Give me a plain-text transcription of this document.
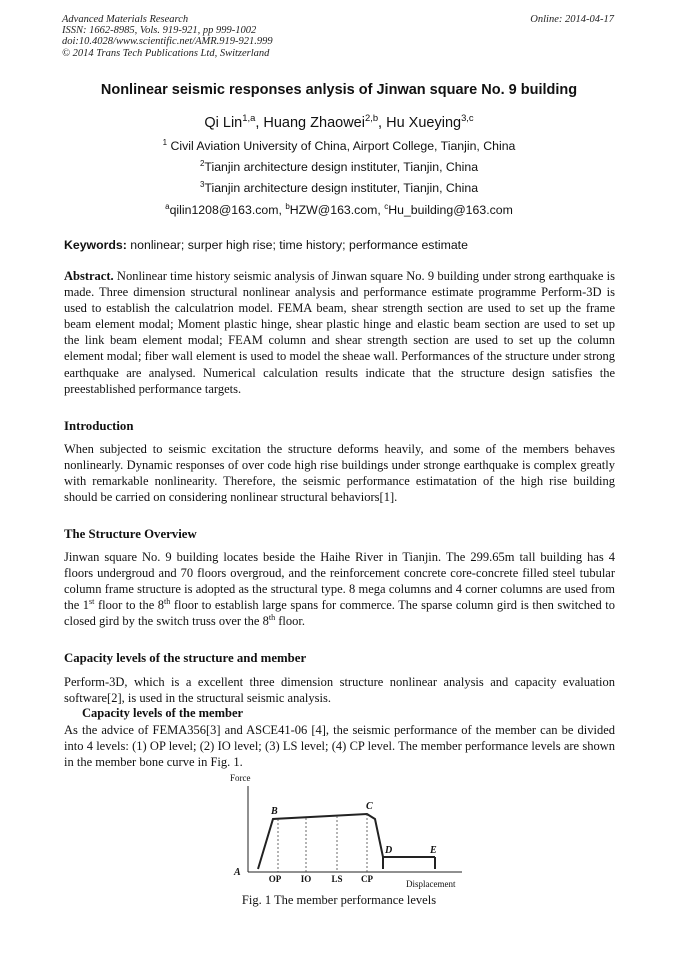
Advanced Materials Research
ISSN: 1662-8985, Vols. 919-921, pp 999-1002
doi:10.4028/www.scientific.net/AMR.919-921.999
© 2014 Trans Tech Publications Ltd, Switzerland
Online: 2014-04-17
Nonlinear seismic responses anlysis of Jinwan square No. 9 building
Qi Lin$^{1,a}$, Huang Zhaowei$^{2,b}$, Hu Xueying$^{3,c}$
$^1$ Civil Aviation University of China, Airport College, Tianjin, China
$^2$Tianjin architecture design instituter, Tianjin, China
$^3$Tianjin architecture design instituter, Tianjin, China
$^a$qilin1208@163.com, $^b$HZW@163.com, $^c$Hu_building@163.com
Keywords: nonlinear; surper high rise; time history; performance estimate
Abstract. Nonlinear time history seismic analysis of Jinwan square No. 9 building under strong earthquake is made. Three dimension structural nonlinear analysis and performance estimate programme Perform-3D is used to establish the calculatrion model. FEMA beam, shear strength section are used to set up the frame beam element modal; Moment plastic hinge, shear plastic hinge and elastic beam section are used to set up the link beam element modal; FEAM column and shear strength section are used to set up the column element modal; fiber wall element is used to model the sheae wall. Performances of the structure under strong earthquake are analysed. Numerical calculation results indicate that the structure design satisfies the preestablished performance targets.
Introduction
When subjected to seismic excitation the structure deforms heavily, and some of the members behaves nonlinearly. Dynamic responses of over code high rise buildings under stronge earthquake is complex greatly with remarkable nonlinearity. Therefore, the seismic performance estimatation of the high rise building should be carried on considering nonlinear structural behaviors[1].
The Structure Overview
Jinwan square No. 9 building locates beside the Haihe River in Tianjin. The 299.65m tall building has 4 floors undergroud and 70 floors overgroud, and the reinforcement concrete core-concrete filled steel tubular column frame structure is adopted as the structural type. 8 mega columns and 4 corner columns are used from the 1st floor to the 8th floor to establish large spans for commerce. The sparse column gird is then switched to closed gird by the switch truss over the 8th floor.
Capacity levels of the structure and member
Perform-3D, which is a excellent three dimension structure nonlinear analysis and capacity evaluation software[2], is used in the structural seismic analysis.
Capacity levels of the member
As the advice of FEMA356[3] and ASCE41-06 [4], the seismic performance of the member can be divided into 4 levels: (1) OP level; (2) IO level; (3) LS level; (4) CP level. The member performance levels are shown in the member bone curve in Fig. 1.
Force
Displacement
A
B	C
D	E
OP IO LS CP
Fig. 1 The member performance levels
